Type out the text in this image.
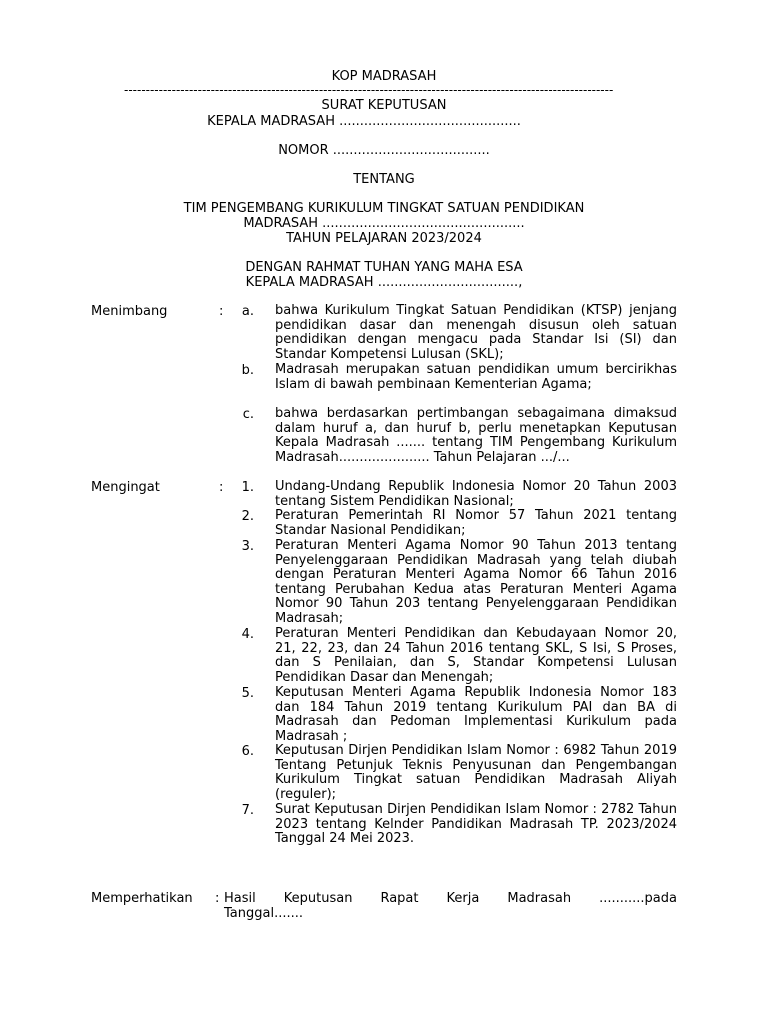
KOP MADRASAH
-----------------------------------------------------------------------------------------------------------------
SURAT KEPUTUSAN
KEPALA MADRASAH ............................................
NOMOR ......................................
TENTANG
TIM PENGEMBANG KURIKULUM TINGKAT SATUAN PENDIDIKAN
MADRASAH .................................................
TAHUN PELAJARAN 2023/2024
DENGAN RAHMAT TUHAN YANG MAHA ESA
KEPALA MADRASAH ..................................,
Menimbang	:	a. bahwa Kurikulum Tingkat Satuan Pendidikan (KTSP) jenjang pendidikan dasar dan menengah disusun oleh satuan pendidikan dengan mengacu pada Standar Isi (SI) dan Standar Kompetensi Lulusan (SKL);
b. Madrasah merupakan satuan pendidikan umum bercirikhas Islam di bawah pembinaan Kementerian Agama;
c. bahwa berdasarkan pertimbangan sebagaimana dimaksud dalam huruf a, dan huruf b, perlu menetapkan Keputusan Kepala Madrasah ....... tentang TIM Pengembang Kurikulum Madrasah...................... Tahun Pelajaran .../...
Mengingat	:	1. Undang-Undang Republik Indonesia Nomor 20 Tahun 2003 tentang Sistem Pendidikan Nasional;
2. Peraturan Pemerintah RI Nomor 57 Tahun 2021 tentang Standar Nasional Pendidikan;
3. Peraturan Menteri Agama Nomor 90 Tahun 2013 tentang Penyelenggaraan Pendidikan Madrasah yang telah diubah dengan Peraturan Menteri Agama Nomor 66 Tahun 2016 tentang Perubahan Kedua atas Peraturan Menteri Agama Nomor 90 Tahun 203 tentang Penyelenggaraan Pendidikan Madrasah;
4. Peraturan Menteri Pendidikan dan Kebudayaan Nomor 20, 21, 22, 23, dan 24 Tahun 2016 tentang SKL, S Isi, S Proses, dan S Penilaian, dan S, Standar Kompetensi Lulusan Pendidikan Dasar dan Menengah;
5. Keputusan Menteri Agama Republik Indonesia Nomor 183 dan 184 Tahun 2019 tentang Kurikulum PAI dan BA di Madrasah dan Pedoman Implementasi Kurikulum pada Madrasah ;
6. Keputusan Dirjen Pendidikan Islam Nomor : 6982 Tahun 2019 Tentang Petunjuk Teknis Penyusunan dan Pengembangan Kurikulum Tingkat satuan Pendidikan Madrasah Aliyah (reguler);
7. Surat Keputusan Dirjen Pendidikan Islam Nomor : 2782 Tahun 2023 tentang Kelnder Pandidikan Madrasah TP. 2023/2024 Tanggal 24 Mei 2023.
Memperhatikan : Hasil Keputusan Rapat Kerja Madrasah ...........pada
Tanggal.......
